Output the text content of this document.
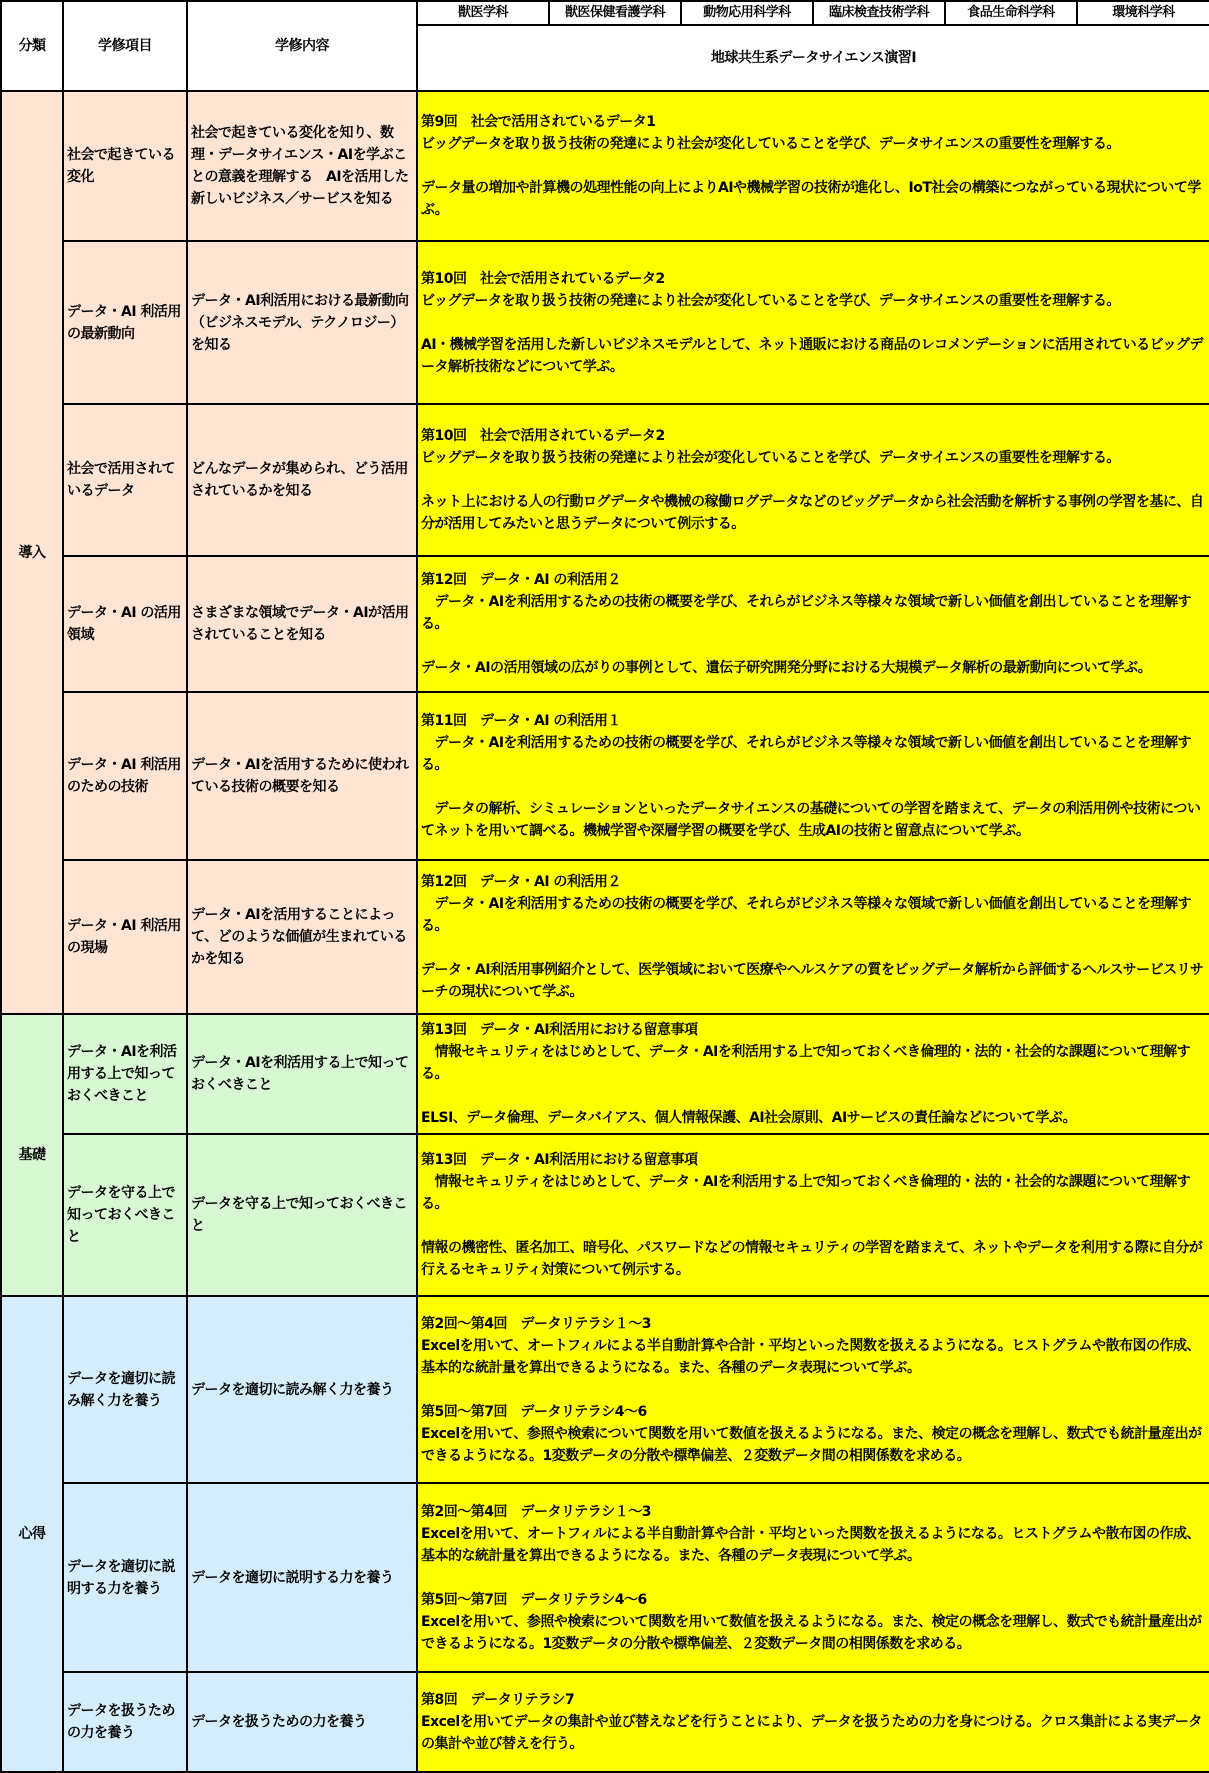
分類	学修項目	学修内容	獣医学科	獣医保健看護学科	動物応用科学科	臨床検査技術学科	食品生命科学科	環境科学科
			地球共生系データサイエンス演習Ⅰ					
導入	社会で起きている変化	社会で起きている変化を知り、数理・データサイエンス・AIを学ぶことの意義を理解する　AIを活用した新しいビジネス／サービスを知る	第9回　社会で活用されているデータ1

ビッグデータを取り扱う技術の発達により社会が変化していることを学び、データサイエンスの重要性を理解する。

データ量の増加や計算機の処理性能の向上によりAIや機械学習の技術が進化し、IoT社会の構築につながっている現状について学ぶ。					

	データ・AI 利活用の最新動向	データ・AI利活用における最新動向（ビジネスモデル、テクノロジー）を知る	第10回　社会で活用されているデータ2

ビッグデータを取り扱う技術の発達により社会が変化していることを学び、データサイエンスの重要性を理解する。

AI・機械学習を活用した新しいビジネスモデルとして、ネット通販における商品のレコメンデーションに活用されているビッグデータ解析技術などについて学ぶ。					

	社会で活用されているデータ	どんなデータが集められ、どう活用されているかを知る	第10回　社会で活用されているデータ2

ビッグデータを取り扱う技術の発達により社会が変化していることを学び、データサイエンスの重要性を理解する。

ネット上における人の行動ログデータや機械の稼働ログデータなどのビッグデータから社会活動を解析する事例の学習を基に、自分が活用してみたいと思うデータについて例示する。					

	データ・AI の活用領域	さまざまな領域でデータ・AIが活用されていることを知る	第12回　データ・AI の利活用２

　データ・AIを利活用するための技術の概要を学び、それらがビジネス等様々な領域で新しい価値を創出していることを理解する。

データ・AIの活用領域の広がりの事例として、遺伝子研究開発分野における大規模データ解析の最新動向について学ぶ。					

	データ・AI 利活用のための技術	データ・AIを活用するために使われている技術の概要を知る	第11回　データ・AI の利活用１

　データ・AIを利活用するための技術の概要を学び、それらがビジネス等様々な領域で新しい価値を創出していることを理解する。

　データの解析、シミュレーションといったデータサイエンスの基礎についての学習を踏まえて、データの利活用例や技術についてネットを用いて調べる。機械学習や深層学習の概要を学び、生成AIの技術と留意点について学ぶ。					

	データ・AI 利活用の現場	データ・AIを活用することによって、どのような価値が生まれているかを知る	第12回　データ・AI の利活用２

　データ・AIを利活用するための技術の概要を学び、それらがビジネス等様々な領域で新しい価値を創出していることを理解する。

データ・AI利活用事例紹介として、医学領域において医療やヘルスケアの質をビッグデータ解析から評価するヘルスサービスリサーチの現状について学ぶ。					

基礎	データ・AIを利活用する上で知っておくべきこと	データ・AIを利活用する上で知っておくべきこと	第13回　データ・AI利活用における留意事項

　情報セキュリティをはじめとして、データ・AIを利活用する上で知っておくべき倫理的・法的・社会的な課題について理解する。

ELSI、データ倫理、データバイアス、個人情報保護、AI社会原則、AIサービスの責任論などについて学ぶ。					

	データを守る上で知っておくべきこと	データを守る上で知っておくべきこと	第13回　データ・AI利活用における留意事項

　情報セキュリティをはじめとして、データ・AIを利活用する上で知っておくべき倫理的・法的・社会的な課題について理解する。

情報の機密性、匿名加工、暗号化、パスワードなどの情報セキュリティの学習を踏まえて、ネットやデータを利用する際に自分が行えるセキュリティ対策について例示する。					

心得	データを適切に読み解く力を養う	データを適切に読み解く力を養う	第2回～第4回　データリテラシ１～3

Excelを用いて、オートフィルによる半自動計算や合計・平均といった関数を扱えるようになる。ヒストグラムや散布図の作成、基本的な統計量を算出できるようになる。また、各種のデータ表現について学ぶ。

第5回～第7回　データリテラシ4～6

Excelを用いて、参照や検索について関数を用いて数値を扱えるようになる。また、検定の概念を理解し、数式でも統計量産出ができるようになる。1変数データの分散や標準偏差、２変数データ間の相関係数を求める。					

	データを適切に説明する力を養う	データを適切に説明する力を養う	第2回～第4回　データリテラシ１～3

Excelを用いて、オートフィルによる半自動計算や合計・平均といった関数を扱えるようになる。ヒストグラムや散布図の作成、基本的な統計量を算出できるようになる。また、各種のデータ表現について学ぶ。

第5回～第7回　データリテラシ4～6

Excelを用いて、参照や検索について関数を用いて数値を扱えるようになる。また、検定の概念を理解し、数式でも統計量産出ができるようになる。1変数データの分散や標準偏差、２変数データ間の相関係数を求める。					

	データを扱うための力を養う	データを扱うための力を養う	第8回　データリテラシ7

Excelを用いてデータの集計や並び替えなどを行うことにより、データを扱うための力を身につける。クロス集計による実データの集計や並び替えを行う。					
